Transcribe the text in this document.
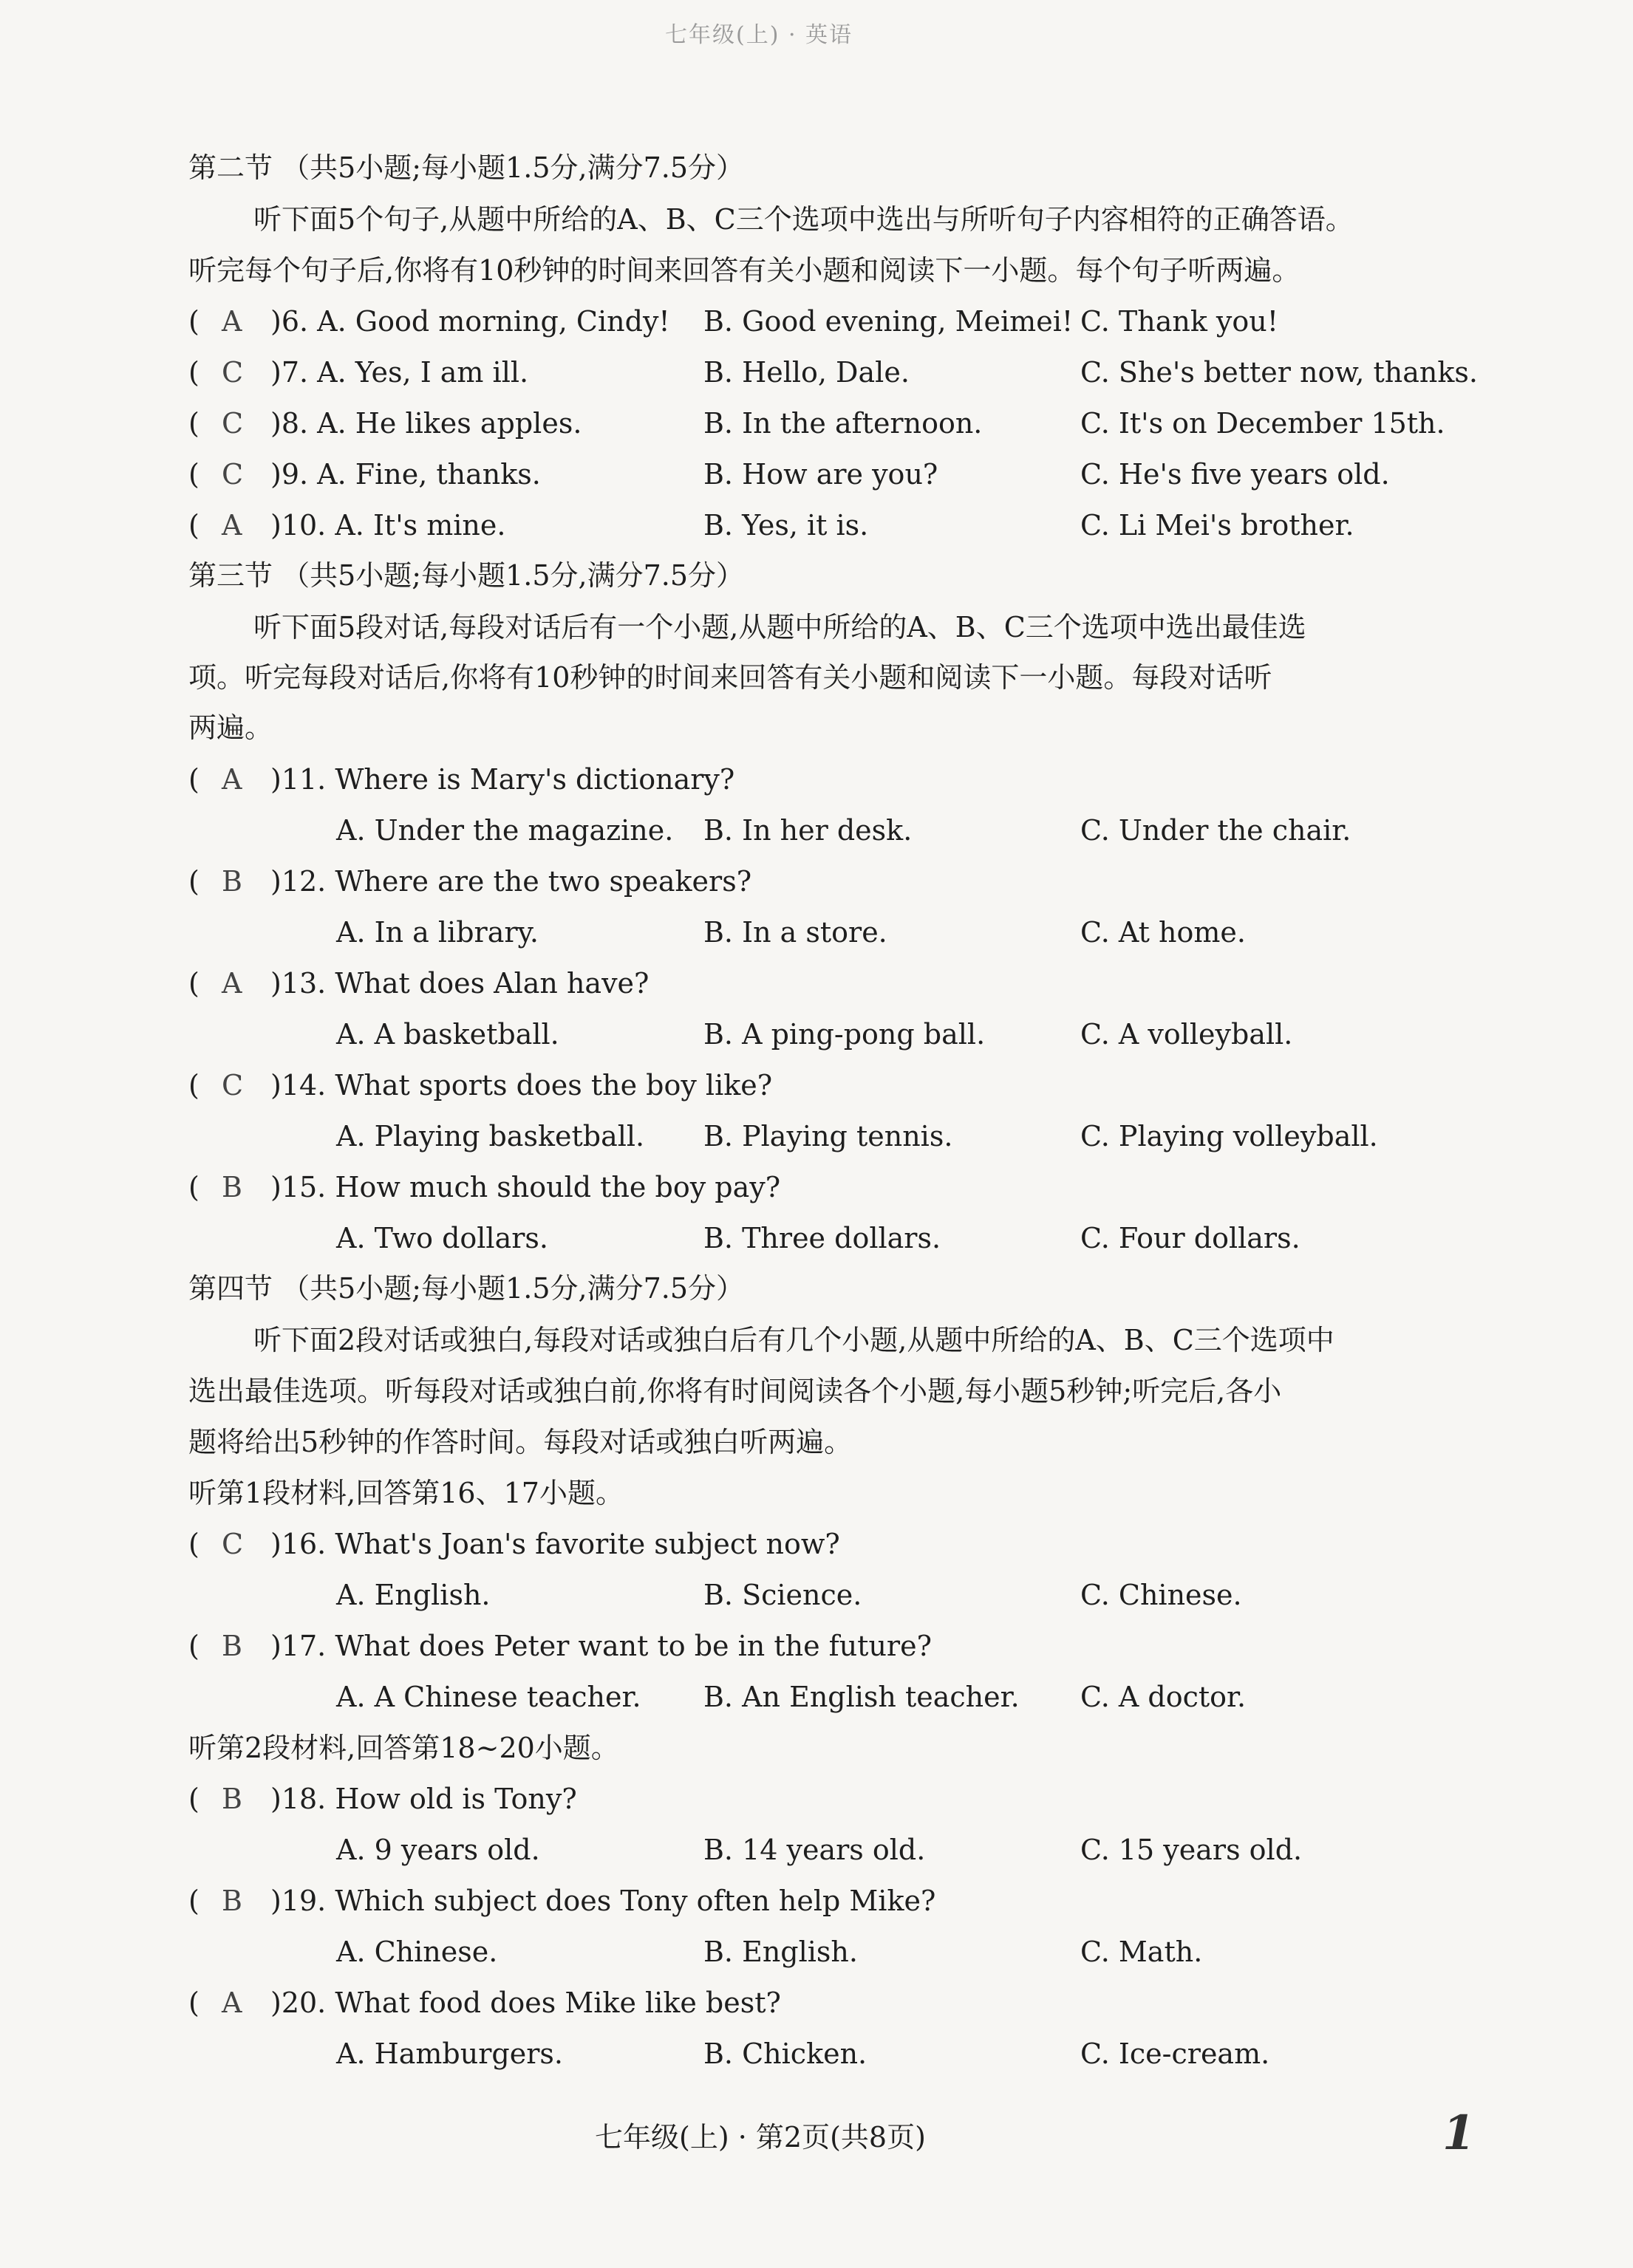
七年级(上) · 英语
第二节 （共5小题;每小题1.5分,满分7.5分）
听下面5个句子,从题中所给的A、B、C三个选项中选出与所听句子内容相符的正确答语。
听完每个句子后,你将有10秒钟的时间来回答有关小题和阅读下一小题。每个句子听两遍。
( A )6. A. Good morning, Cindy! B. Good evening, Meimei! C. Thank you!
( C )7. A. Yes, I am ill.	B. Hello, Dale.	C. She's better now, thanks.
( C )8. A. He likes apples.	B. In the afternoon.	C. It's on December 15th.
( C )9. A. Fine, thanks.	B. How are you?	C. He's five years old.
( A )10. A. It's mine.	B. Yes, it is.	C. Li Mei's brother.
第三节 （共5小题;每小题1.5分,满分7.5分）
听下面5段对话,每段对话后有一个小题,从题中所给的A、B、C三个选项中选出最佳选
项。听完每段对话后,你将有10秒钟的时间来回答有关小题和阅读下一小题。每段对话听
两遍。
( A )11. Where is Mary's dictionary?
A. Under the magazine. B. In her desk.	C. Under the chair.
( B )12. Where are the two speakers?
A. In a library.	B. In a store.	C. At home.
( A )13. What does Alan have?
A. A basketball.	B. A ping-pong ball.	C. A volleyball.
( C )14. What sports does the boy like?
A. Playing basketball. B. Playing tennis.	C. Playing volleyball.
( B )15. How much should the boy pay?
A. Two dollars.	B. Three dollars.	C. Four dollars.
第四节 （共5小题;每小题1.5分,满分7.5分）
听下面2段对话或独白,每段对话或独白后有几个小题,从题中所给的A、B、C三个选项中
选出最佳选项。听每段对话或独白前,你将有时间阅读各个小题,每小题5秒钟;听完后,各小
题将给出5秒钟的作答时间。每段对话或独白听两遍。
听第1段材料,回答第16、17小题。
( C )16. What's Joan's favorite subject now?
A. English.	B. Science.	C. Chinese.
( B )17. What does Peter want to be in the future?
A. A Chinese teacher. B. An English teacher. C. A doctor.
听第2段材料,回答第18~20小题。
( B )18. How old is Tony?
A. 9 years old.	B. 14 years old.	C. 15 years old.
( B )19. Which subject does Tony often help Mike?
A. Chinese.	B. English.	C. Math.
( A )20. What food does Mike like best?
A. Hamburgers.	B. Chicken.	C. Ice-cream.
七年级(上) · 第2页(共8页)	1
